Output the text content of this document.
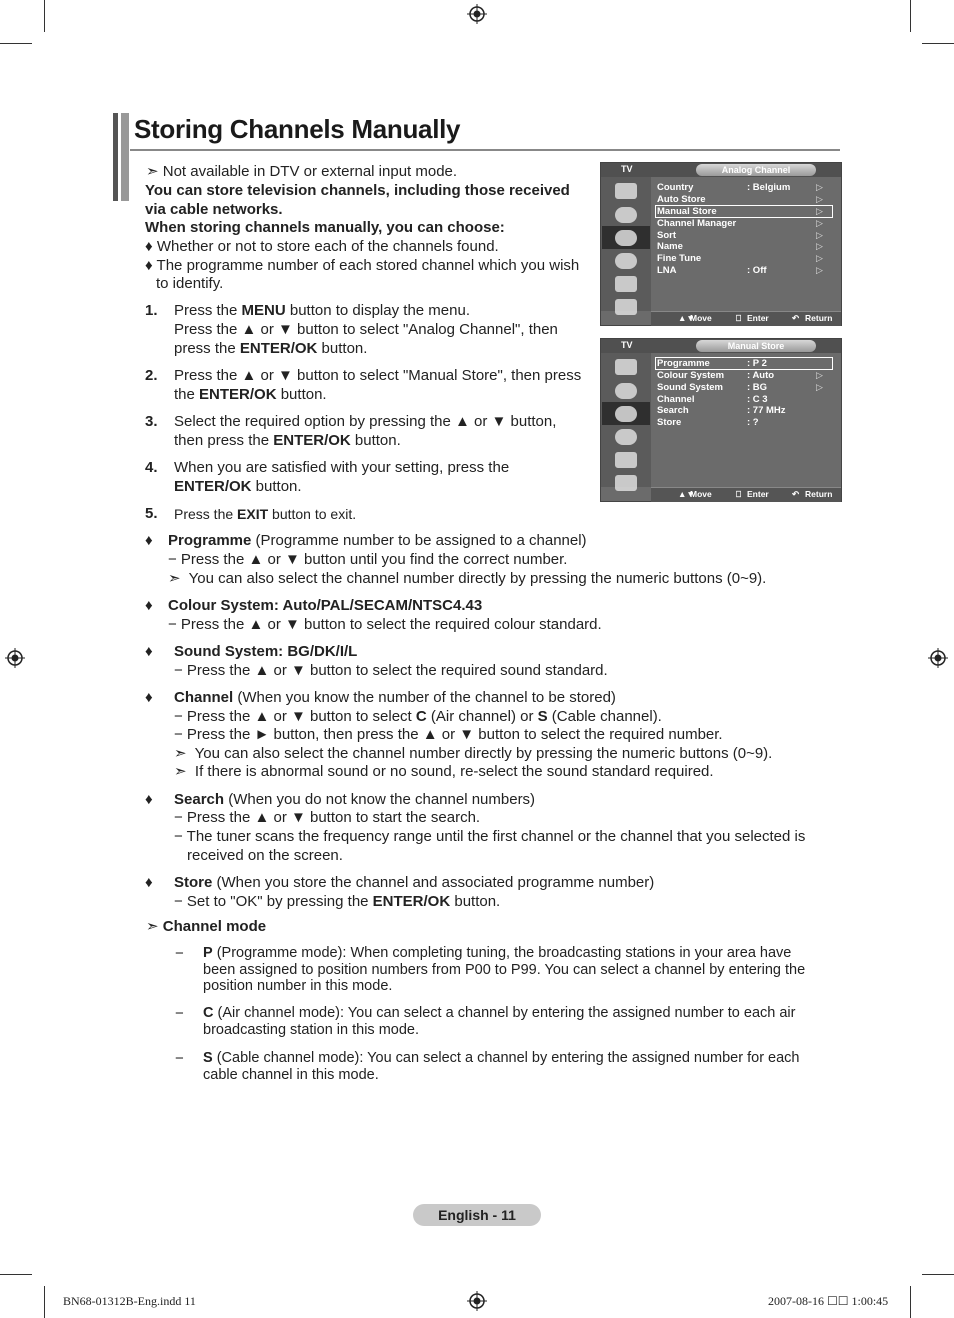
Storing Channels Manually
➣ Not available in DTV or external input mode.
You can store television channels, including those received
via cable networks.
When storing channels manually, you can choose:
♦ Whether or not to store each of the channels found.
♦ The programme number of each stored channel which you wish
to identify.
1. Press the MENU button to display the menu.
Press the ▲ or ▼ button to select "Analog Channel", then
press the ENTER/OK button.
2. Press the ▲ or ▼ button to select "Manual Store", then press
the ENTER/OK button.
3. Select the required option by pressing the ▲ or ▼ button,
then press the ENTER/OK button.
4. When you are satisfied with your setting, press the
ENTER/OK button.
5. Press the EXIT button to exit.
♦ Programme (Programme number to be assigned to a channel)
− Press the ▲ or ▼ button until you find the correct number.
➣ You can also select the channel number directly by pressing the numeric buttons (0~9).
♦ Colour System: Auto/PAL/SECAM/NTSC4.43
− Press the ▲ or ▼ button to select the required colour standard.
♦ Sound System: BG/DK/I/L
− Press the ▲ or ▼ button to select the required sound standard.
♦ Channel (When you know the number of the channel to be stored)
− Press the ▲ or ▼ button to select C (Air channel) or S (Cable channel).
− Press the ► button, then press the ▲ or ▼ button to select the required number.
➣ You can also select the channel number directly by pressing the numeric buttons (0~9).
➣ If there is abnormal sound or no sound, re-select the sound standard required.
♦ Search (When you do not know the channel numbers)
− Press the ▲ or ▼ button to start the search.
− The tuner scans the frequency range until the first channel or the channel that you selected is
received on the screen.
♦ Store (When you store the channel and associated programme number)
− Set to "OK" by pressing the ENTER/OK button.
➣ Channel mode
− P (Programme mode): When completing tuning, the broadcasting stations in your area have
been assigned to position numbers from P00 to P99. You can select a channel by entering the
position number in this mode.
− C (Air channel mode): You can select a channel by entering the assigned number to each air
broadcasting station in this mode.
− S (Cable channel mode): You can select a channel by entering the assigned number for each
cable channel in this mode.
TV	Analog Channel
Country	: Belgium	▷
Auto Store	▷
Manual Store	▷
Channel Manager	▷
Sort	▷
Name	▷
Fine Tune	▷
LNA	: Off	▷
▲▼
Move	⎕ Enter	↶ Return
TV	Manual Store
Programme	: P 2
Colour System : Auto	▷
Sound System	: BG	▷
Channel	: C 3
Search	: 77 MHz
Store	: ?
▲▼
Move	⎕ Enter	↶ Return
English - 11
BN68-01312B-Eng.indd 11	2007-08-16 ☐☐ 1:00:45
